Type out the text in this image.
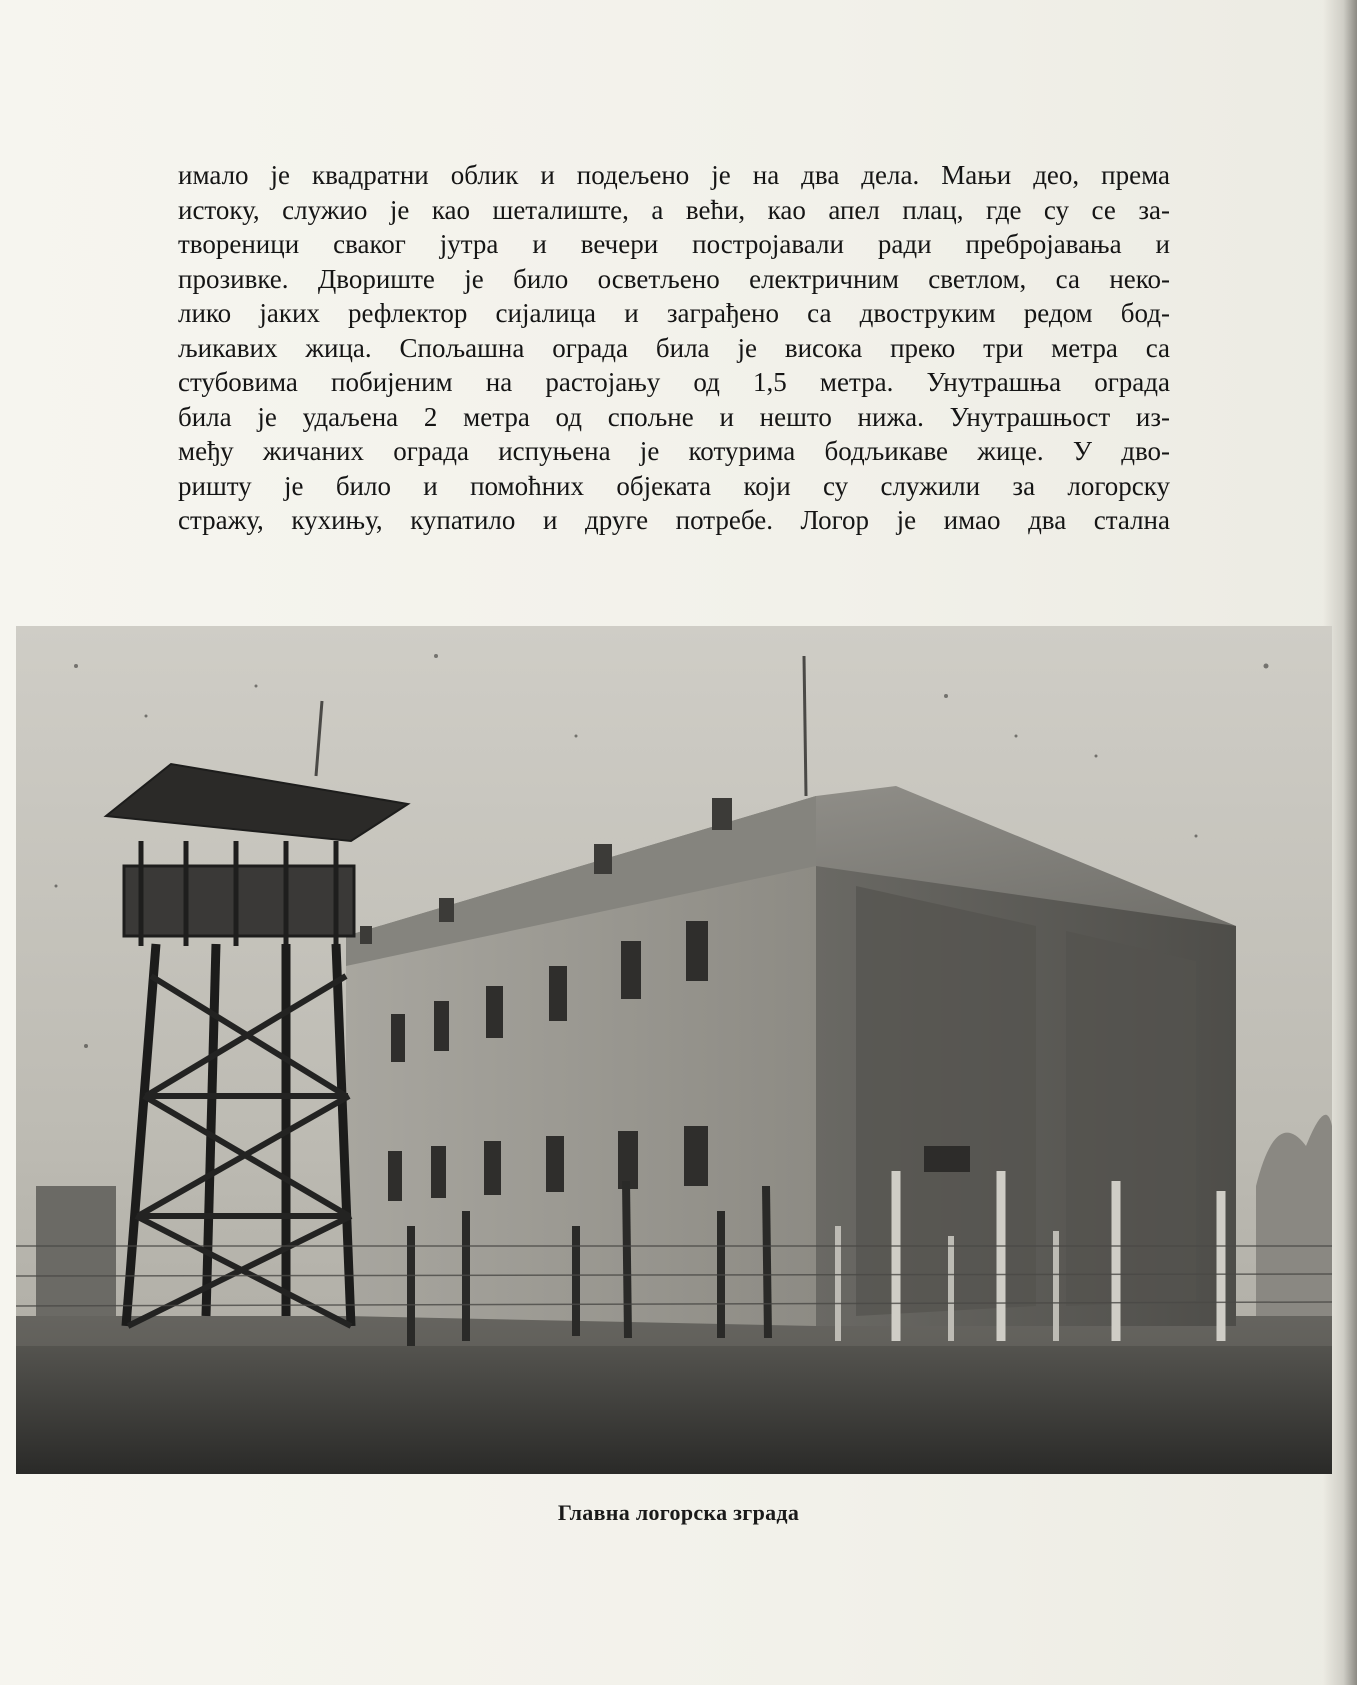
имало је квадратни облик и подељено је на два дела. Мањи део, према
истоку, служио је као шеталиште, а већи, као апел плац, где су се за-
твореници сваког јутра и вечери постројавали ради пребројавања и
прозивке. Двориште је било осветљено електричним светлом, са неко-
лико јаких рефлектор сијалица и заграђено са двоструким редом бод-
љикавих жица. Спољашна ограда била је висока преко три метра са
стубовима побијеним на растојању од 1,5 метра. Унутрашња ограда
била је удаљена 2 метра од спољне и нешто нижа. Унутрашњост из-
међу жичаних ограда испуњена је котурима бодљикаве жице. У дво-
ришту је било и помоћних објеката који су служили за логорску
стражу, кухињу, купатило и друге потребе. Логор је имао два стална
Главна логорска зграда
